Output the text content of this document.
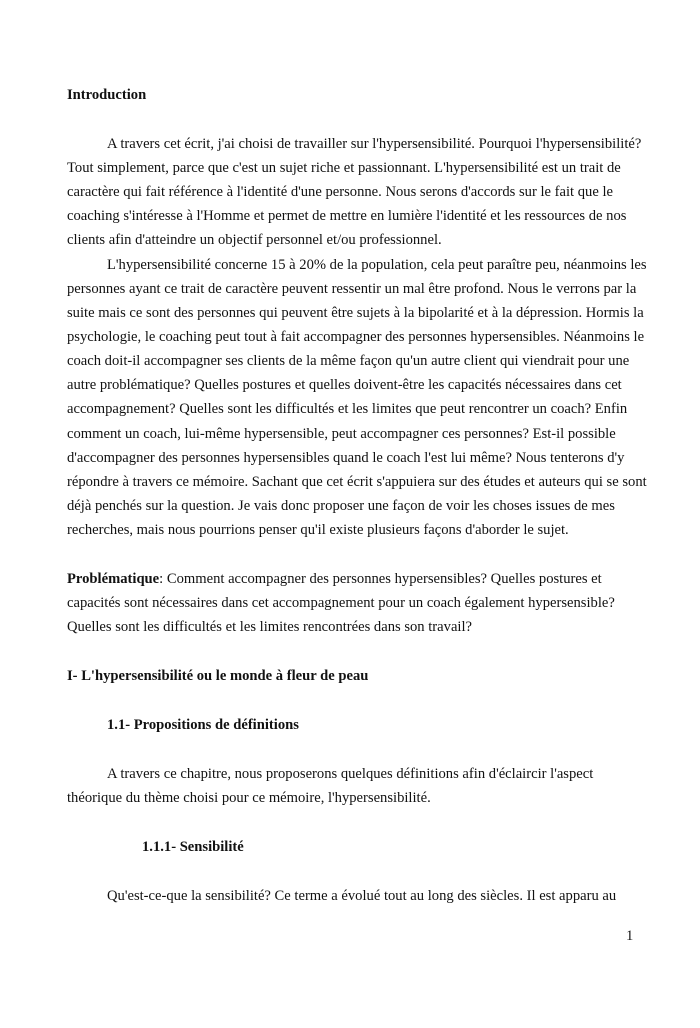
Introduction
A travers cet écrit, j'ai choisi de travailler sur l'hypersensibilité. Pourquoi l'hypersensibilité?
Tout simplement, parce que c'est un sujet riche et passionnant. L'hypersensibilité est un trait de
caractère qui fait référence à l'identité d'une personne. Nous serons d'accords sur le fait que le
coaching s'intéresse à l'Homme et permet de mettre en lumière l'identité et les ressources de nos
clients afin d'atteindre un objectif personnel et/ou professionnel.
L'hypersensibilité concerne 15 à 20% de la population, cela peut paraître peu, néanmoins les
personnes ayant ce trait de caractère peuvent ressentir un mal être profond. Nous le verrons par la
suite mais ce sont des personnes qui peuvent être sujets à la bipolarité et à la dépression. Hormis la
psychologie, le coaching peut tout à fait accompagner des personnes hypersensibles. Néanmoins le
coach doit-il accompagner ses clients de la même façon qu'un autre client qui viendrait pour une
autre problématique? Quelles postures et quelles doivent-être les capacités nécessaires dans cet
accompagnement? Quelles sont les difficultés et les limites que peut rencontrer un coach? Enfin
comment un coach, lui-même hypersensible, peut accompagner ces personnes? Est-il possible
d'accompagner des personnes hypersensibles quand le coach l'est lui même? Nous tenterons d'y
répondre à travers ce mémoire. Sachant que cet écrit s'appuiera sur des études et auteurs qui se sont
déjà penchés sur la question. Je vais donc proposer une façon de voir les choses issues de mes
recherches, mais nous pourrions penser qu'il existe plusieurs façons d'aborder le sujet.
Problématique: Comment accompagner des personnes hypersensibles? Quelles postures et
capacités sont nécessaires dans cet accompagnement pour un coach également hypersensible?
Quelles sont les difficultés et les limites rencontrées dans son travail?
I- L'hypersensibilité ou le monde à fleur de peau
1.1- Propositions de définitions
A travers ce chapitre, nous proposerons quelques définitions afin d'éclaircir l'aspect
théorique du thème choisi pour ce mémoire, l'hypersensibilité.
1.1.1- Sensibilité
Qu'est-ce-que la sensibilité? Ce terme a évolué tout au long des siècles. Il est apparu au
1
